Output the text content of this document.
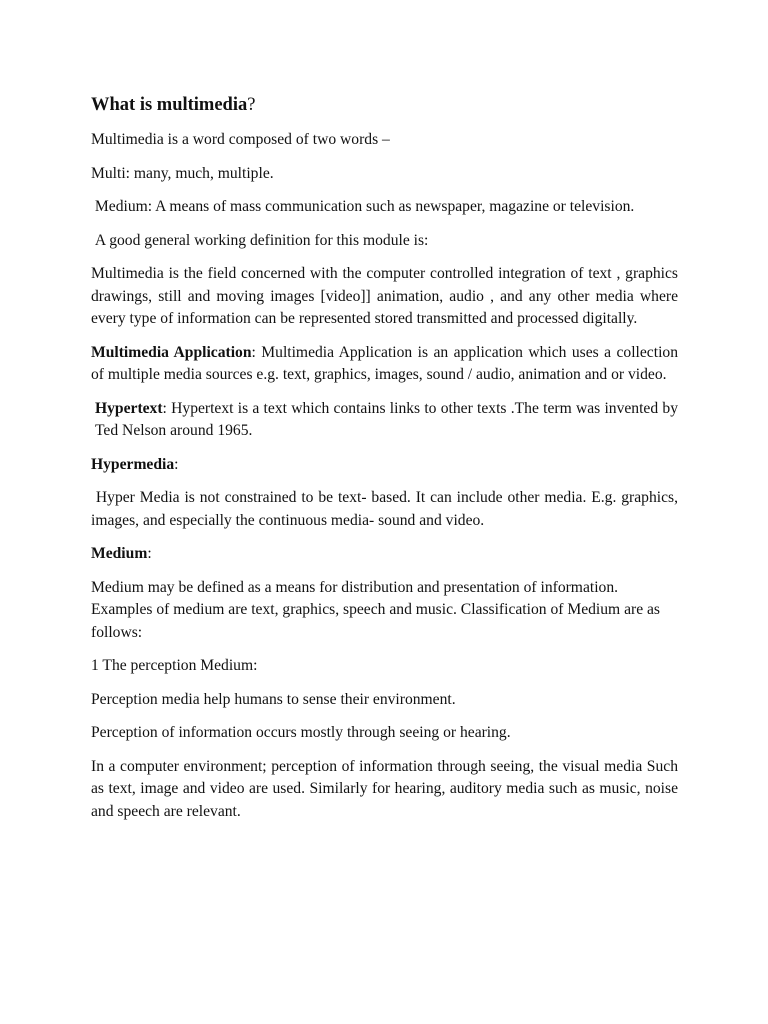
What is multimedia?

Multimedia is a word composed of two words –

Multi: many, much, multiple.

Medium: A means of mass communication such as newspaper, magazine or television.

A good general working definition for this module is:

Multimedia is the field concerned with the computer controlled integration of text , graphics drawings, still and moving images [video]] animation, audio , and any other media where every type of information can be represented stored transmitted and processed digitally.

Multimedia Application: Multimedia Application is an application which uses a collection of multiple media sources e.g. text, graphics, images, sound / audio, animation and or video.

Hypertext: Hypertext is a text which contains links to other texts .The term was invented by Ted Nelson around 1965.

Hypermedia:

Hyper Media is not constrained to be text- based. It can include other media. E.g. graphics, images, and especially the continuous media- sound and video.

Medium:

Medium may be defined as a means for distribution and presentation of information. Examples of medium are text, graphics, speech and music. Classification of Medium are as follows:

1 The perception Medium:

Perception media help humans to sense their environment.

Perception of information occurs mostly through seeing or hearing.

In a computer environment; perception of information through seeing, the visual media Such as text, image and video are used. Similarly for hearing, auditory media such as music, noise and speech are relevant.
